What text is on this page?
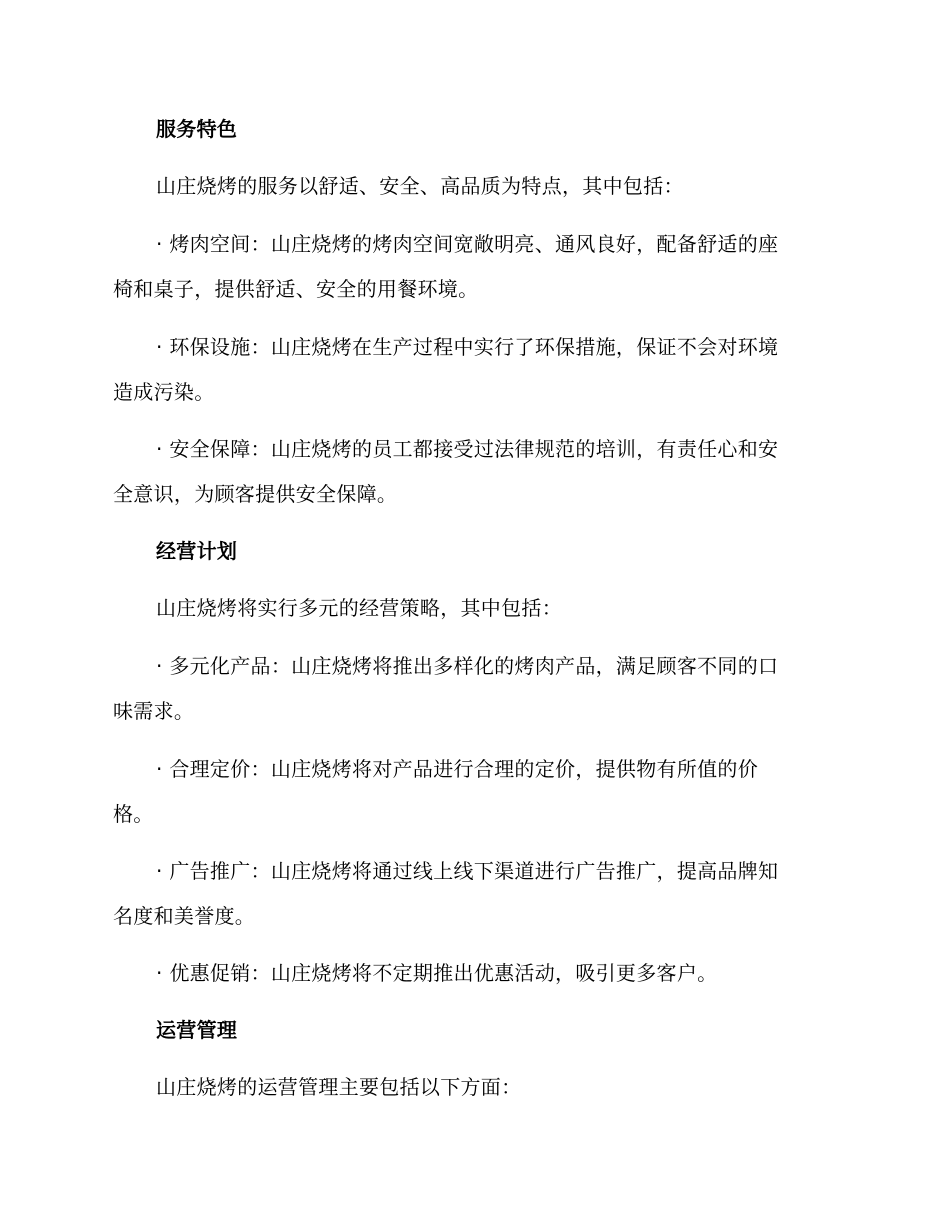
服务特色
山庄烧烤的服务以舒适、安全、高品质为特点，其中包括：
· 烤肉空间：山庄烧烤的烤肉空间宽敞明亮、通风良好，配备舒适的座
椅和桌子，提供舒适、安全的用餐环境。
· 环保设施：山庄烧烤在生产过程中实行了环保措施，保证不会对环境
造成污染。
· 安全保障：山庄烧烤的员工都接受过法律规范的培训，有责任心和安
全意识，为顾客提供安全保障。
经营计划
山庄烧烤将实行多元的经营策略，其中包括：
· 多元化产品：山庄烧烤将推出多样化的烤肉产品，满足顾客不同的口
味需求。
· 合理定价：山庄烧烤将对产品进行合理的定价，提供物有所值的价
格。
· 广告推广：山庄烧烤将通过线上线下渠道进行广告推广，提高品牌知
名度和美誉度。
· 优惠促销：山庄烧烤将不定期推出优惠活动，吸引更多客户。
运营管理
山庄烧烤的运营管理主要包括以下方面：
